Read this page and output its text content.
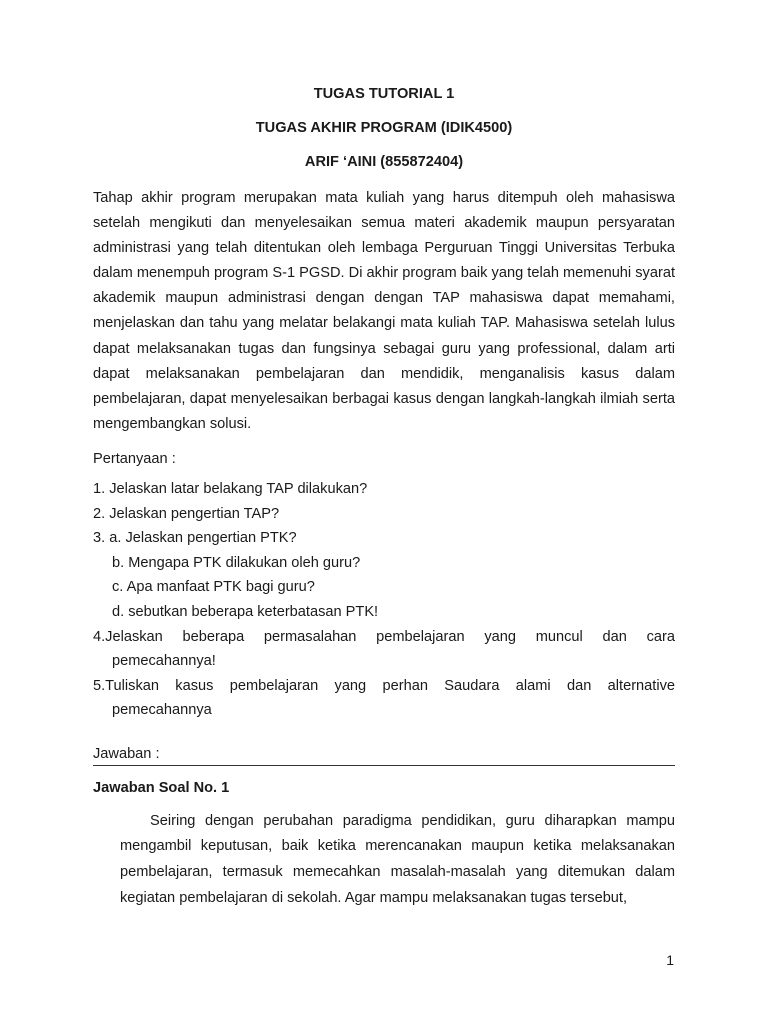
TUGAS TUTORIAL 1

TUGAS AKHIR PROGRAM (IDIK4500)

ARIF ‘AINI (855872404)

Tahap akhir program merupakan mata kuliah yang harus ditempuh oleh mahasiswa setelah mengikuti dan menyelesaikan semua materi akademik maupun persyaratan administrasi yang telah ditentukan oleh lembaga Perguruan Tinggi Universitas Terbuka dalam menempuh program S-1 PGSD. Di akhir program baik yang telah memenuhi syarat akademik maupun administrasi dengan dengan TAP mahasiswa dapat memahami, menjelaskan dan tahu yang melatar belakangi mata kuliah TAP. Mahasiswa setelah lulus dapat melaksanakan tugas dan fungsinya sebagai guru yang professional, dalam arti dapat melaksanakan pembelajaran dan mendidik, menganalisis kasus dalam pembelajaran, dapat menyelesaikan berbagai kasus dengan langkah-langkah ilmiah serta mengembangkan solusi.

Pertanyaan :

1. Jelaskan latar belakang TAP dilakukan?
2. Jelaskan pengertian TAP?
3. a. Jelaskan pengertian PTK?
b. Mengapa PTK dilakukan oleh guru?
c. Apa manfaat PTK bagi guru?
d. sebutkan beberapa keterbatasan PTK!
4.Jelaskan beberapa permasalahan pembelajaran yang muncul dan cara
pemecahannya!
5.Tuliskan kasus pembelajaran yang perhan Saudara alami dan alternative
pemecahannya

Jawaban :

Jawaban Soal No. 1

Seiring dengan perubahan paradigma pendidikan, guru diharapkan mampu mengambil keputusan, baik ketika merencanakan maupun ketika melaksanakan pembelajaran, termasuk memecahkan masalah-masalah yang ditemukan dalam kegiatan pembelajaran di sekolah. Agar mampu melaksanakan tugas tersebut,

1
